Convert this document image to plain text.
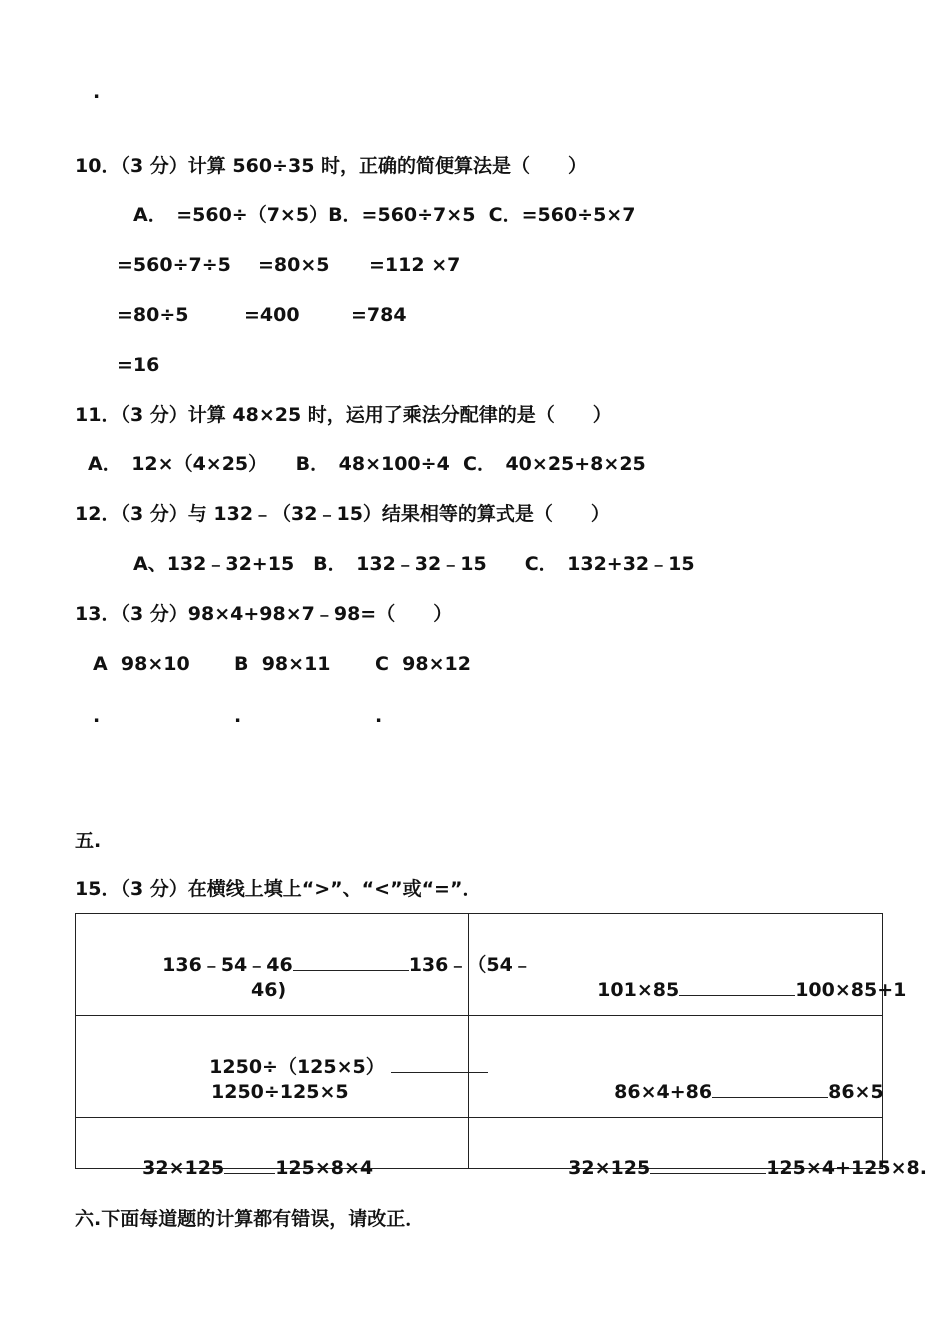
.
10．（3 分）计算 560÷35 时，正确的简便算法是（　　）
A．　=560÷（7×5）B．=560÷7×5  C．=560÷5×7
=560÷7÷5 =80×5 =112 ×7
=80÷5	=400	=784
=16
11．（3 分）计算 48×25 时，运用了乘法分配律的是（　　）
A．　12×（4×25）　　B．　48×100÷4  C．　40×25+8×25
12．（3 分）与 132﹣（32﹣15）结果相等的算式是（　　）
A、132﹣32+15　B．　132﹣32﹣15　　C．　132+32﹣15
13．（3 分）98×4+98×7﹣98=（　　）
A  98×10 B  98×11 C  98×12
.	.	.
五.
15．（3 分）在横线上填上“>”、“<”或“=”．

136﹣54﹣46 136﹣（54﹣

46)	101×85 100×85+1

1250÷（125×5）

1250÷125×5	86×4+86 86×5

32×125 125×8×4	32×125 125×4+125×8.

六.下面每道题的计算都有错误，请改正．
